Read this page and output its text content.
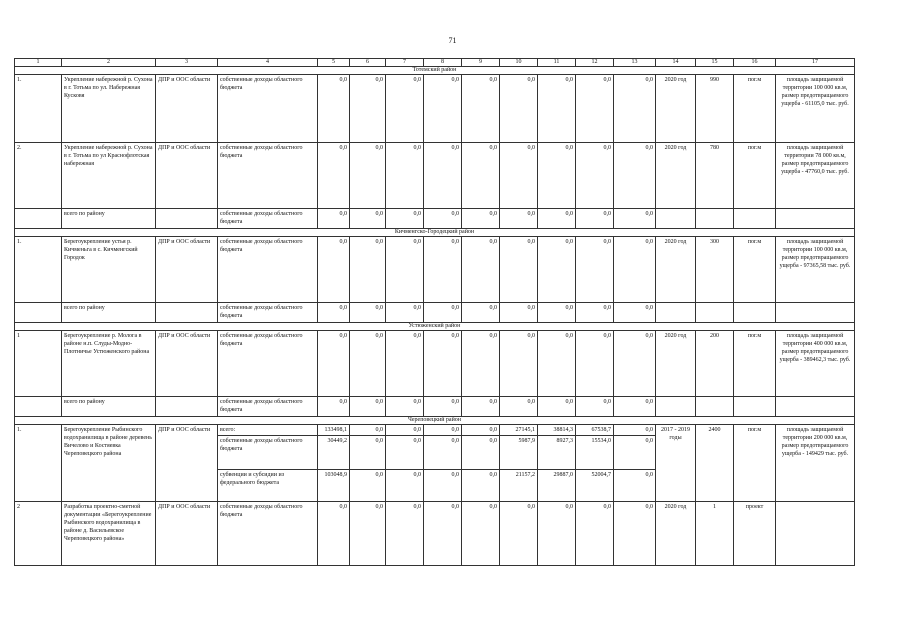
71
1	2	3	4	5	6	7	8	9	10	11	12	13	14	15	16	17
Тотемский район																
1.	Укрепление набережной р. Сухона в г. Тотьма по ул. Набережная Кусковя	ДПР и ООС области	собственные доходы областного бюджета	0,0	0,0	0,0	0,0	0,0	0,0	0,0	0,0	0,0	2020 год	990	пог.м	площадь защищаемой территории 100 000 кв.м, размер предотвращаемого ущерба - 61105,0 тыс. руб.
2.	Укрепление набережной р. Сухона в г. Тотьма по ул Краснофлотская набережная	ДПР и ООС области	собственные доходы областного бюджета	0,0	0,0	0,0	0,0	0,0	0,0	0,0	0,0	0,0	2020 год	780	пог.м	площадь защищаемой территории 78 000 кв.м, размер предотвращаемого ущерба - 47760,0 тыс. руб.
	всего по району		собственные доходы областного бюджета	0,0	0,0	0,0	0,0	0,0	0,0	0,0	0,0	0,0				
Кичменгско-Городецкий район																
1.	Берегоукрепление устья р. Кичменьга в с. Кичменгский Городок	ДПР и ООС области	собственные доходы областного бюджета	0,0	0,0	0,0	0,0	0,0	0,0	0,0	0,0	0,0	2020 год	300	пог.м	площадь защищаемой территории 100 000 кв.м, размер предотвращаемого ущерба - 97365,58 тыс. руб.
	всего по району		собственные доходы областного бюджета	0,0	0,0	0,0	0,0	0,0	0,0	0,0	0,0	0,0				
Устюженский район																
1	Берегоукрепление р. Молога в районе н.п. Слуды-Модно-Плотничье Устюженского района	ДПР и ООС области	собственные доходы областного бюджета	0,0	0,0	0,0	0,0	0,0	0,0	0,0	0,0	0,0	2020 год	200	пог.м	площадь защищаемой территории 400 000 кв.м, размер предотвращаемого ущерба - 389462,3 тыс. руб.
	всего по району		собственные доходы областного бюджета	0,0	0,0	0,0	0,0	0,0	0,0	0,0	0,0	0,0				
Череповецкий район																
1.	Берегоукрепление Рыбинского водохранилища в районе деревень Вичелово и Костяевка Череповецкого района	ДПР и ООС области	всего:	133498,1	0,0	0,0	0,0	0,0	27145,1	38814,3	67538,7	0,0	2017 - 2019 годы	2400	пог.м	площадь защищаемой территории 200 000 кв.м, размер предотвращаемого ущерба - 149429 тыс. руб.
			собственные доходы областного бюджета	30449,2	0,0	0,0	0,0	0,0	5987,9	8927,3	15534,0	0,0				
			субвенции и субсидии из федерального бюджета	103048,9	0,0	0,0	0,0	0,0	21157,2	29887,0	52004,7	0,0				
2	Разработка проектно-сметной документации «Берегоукрепление Рыбинского водохранилища в районе д. Васильевское Череповецкого района»	ДПР и ООС области	собственные доходы областного бюджета	0,0	0,0	0,0	0,0	0,0	0,0	0,0	0,0	0,0	2020 год	1	проект	
